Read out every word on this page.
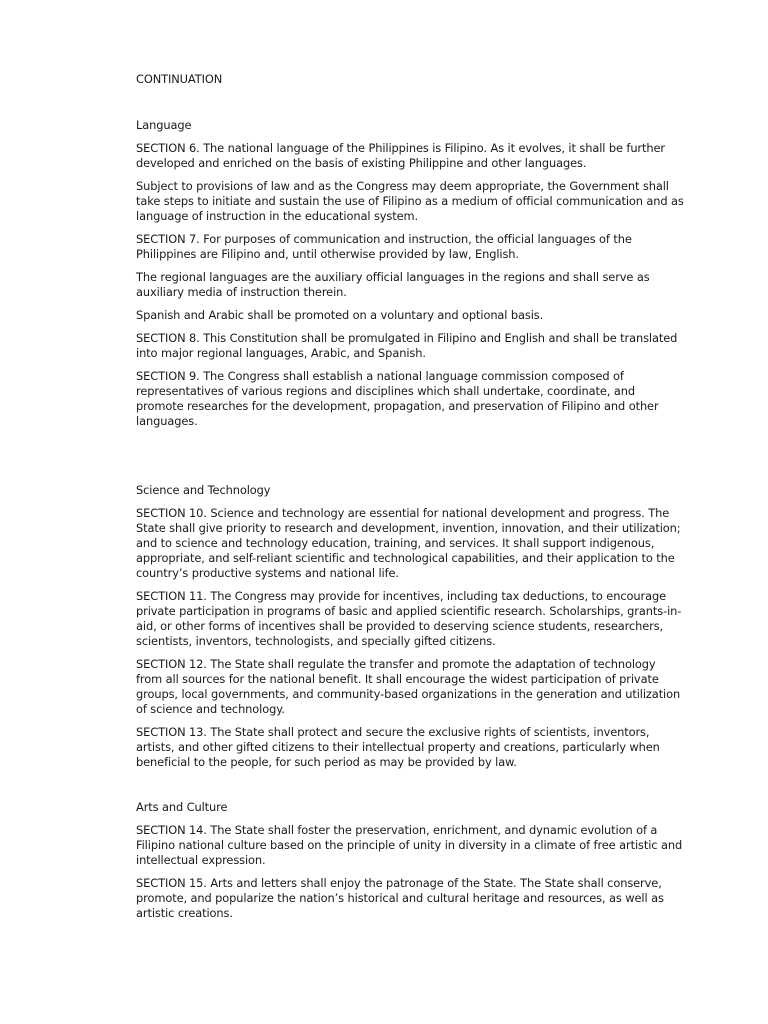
CONTINUATION
Language

SECTION 6. The national language of the Philippines is Filipino. As it evolves, it shall be further developed and enriched on the basis of existing Philippine and other languages.

Subject to provisions of law and as the Congress may deem appropriate, the Government shall take steps to initiate and sustain the use of Filipino as a medium of official communication and as language of instruction in the educational system.

SECTION 7. For purposes of communication and instruction, the official languages of the Philippines are Filipino and, until otherwise provided by law, English.

The regional languages are the auxiliary official languages in the regions and shall serve as auxiliary media of instruction therein.

Spanish and Arabic shall be promoted on a voluntary and optional basis.

SECTION 8. This Constitution shall be promulgated in Filipino and English and shall be translated into major regional languages, Arabic, and Spanish.

SECTION 9. The Congress shall establish a national language commission composed of representatives of various regions and disciplines which shall undertake, coordinate, and promote researches for the development, propagation, and preservation of Filipino and other languages.

Science and Technology

SECTION 10. Science and technology are essential for national development and progress. The State shall give priority to research and development, invention, innovation, and their utilization; and to science and technology education, training, and services. It shall support indigenous, appropriate, and self-reliant scientific and technological capabilities, and their application to the country’s productive systems and national life.

SECTION 11. The Congress may provide for incentives, including tax deductions, to encourage private participation in programs of basic and applied scientific research. Scholarships, grants-in-aid, or other forms of incentives shall be provided to deserving science students, researchers, scientists, inventors, technologists, and specially gifted citizens.

SECTION 12. The State shall regulate the transfer and promote the adaptation of technology from all sources for the national benefit. It shall encourage the widest participation of private groups, local governments, and community-based organizations in the generation and utilization of science and technology.

SECTION 13. The State shall protect and secure the exclusive rights of scientists, inventors, artists, and other gifted citizens to their intellectual property and creations, particularly when beneficial to the people, for such period as may be provided by law.

Arts and Culture

SECTION 14. The State shall foster the preservation, enrichment, and dynamic evolution of a Filipino national culture based on the principle of unity in diversity in a climate of free artistic and intellectual expression.

SECTION 15. Arts and letters shall enjoy the patronage of the State. The State shall conserve, promote, and popularize the nation’s historical and cultural heritage and resources, as well as artistic creations.
